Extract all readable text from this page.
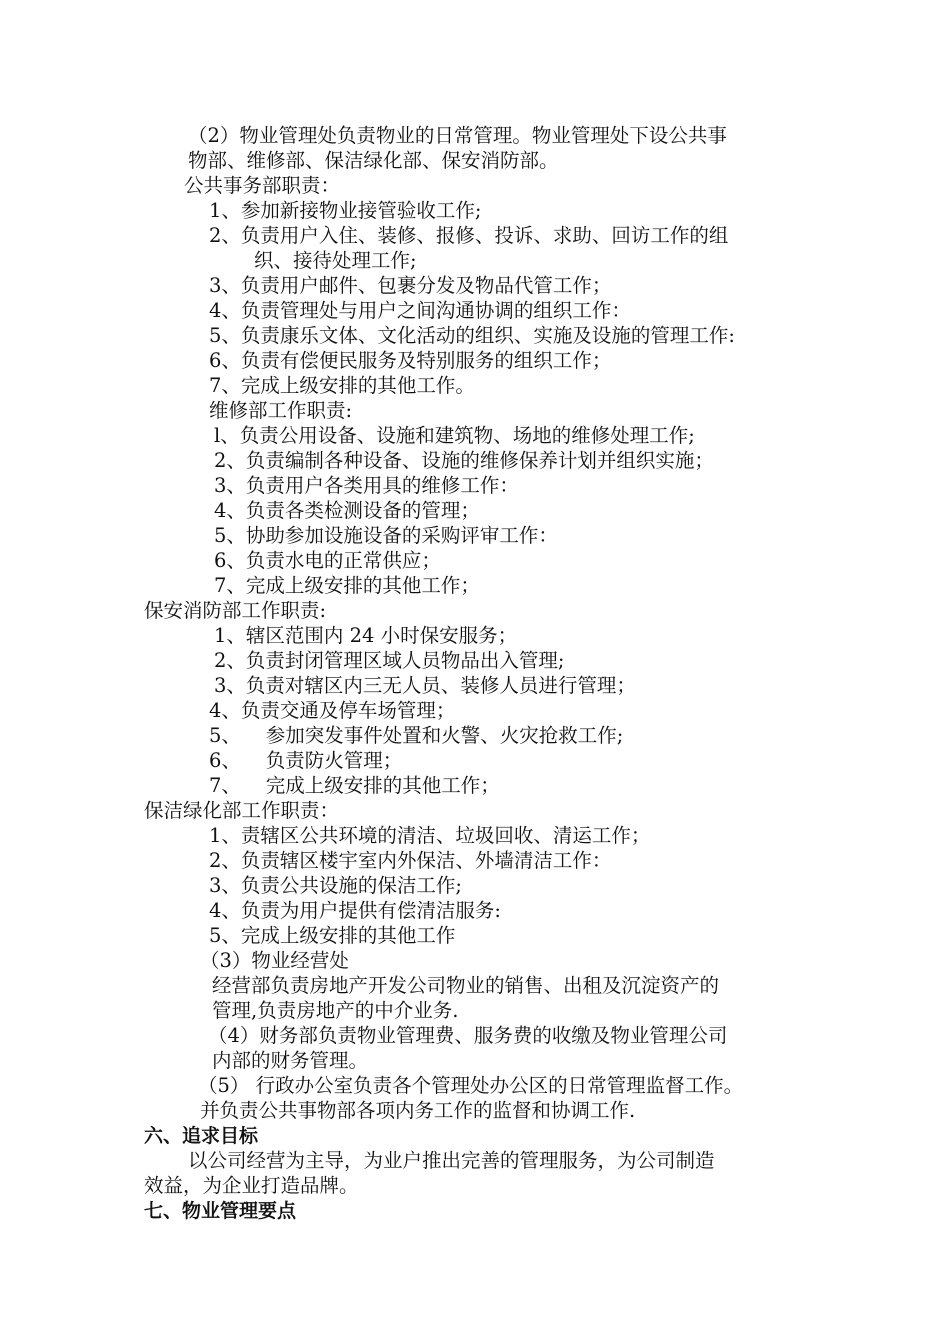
（2）物业管理处负责物业的日常管理。物业管理处下设公共事
物部、维修部、保洁绿化部、保安消防部。
公共事务部职责：
1、参加新接物业接管验收工作;
2、负责用户入住、装修、报修、投诉、求助、回访工作的组
织、接待处理工作;
3、负责用户邮件、包裹分发及物品代管工作；
4、负责管理处与用户之间沟通协调的组织工作：
5、负责康乐文体、文化活动的组织、实施及设施的管理工作:
6、负责有偿便民服务及特别服务的组织工作；
7、完成上级安排的其他工作。
维修部工作职责:
l、负责公用设备、设施和建筑物、场地的维修处理工作;
2、负责编制各种设备、设施的维修保养计划并组织实施；
3、负责用户各类用具的维修工作：
4、负责各类检测设备的管理；
5、协助参加设施设备的采购评审工作：
6、负责水电的正常供应；
7、完成上级安排的其他工作；
保安消防部工作职责:
1、辖区范围内 24 小时保安服务；
2、负责封闭管理区域人员物品出入管理;
3、负责对辖区内三无人员、装修人员进行管理；
4、负责交通及停车场管理；
5、    参加突发事件处置和火警、火灾抢救工作;
6、    负责防火管理；
7、    完成上级安排的其他工作；
保洁绿化部工作职责：
1、责辖区公共环境的清洁、垃圾回收、清运工作；
2、负责辖区楼宇室内外保洁、外墙清洁工作：
3、负责公共设施的保洁工作;
4、负责为用户提供有偿清洁服务:
5、完成上级安排的其他工作
（3）物业经营处
经营部负责房地产开发公司物业的销售、出租及沉淀资产的
管理,负责房地产的中介业务.
（4）财务部负责物业管理费、服务费的收缴及物业管理公司
内部的财务管理。
（5） 行政办公室负责各个管理处办公区的日常管理监督工作。
并负责公共事物部各项内务工作的监督和协调工作.
六、追求目标
以公司经营为主导，为业户推出完善的管理服务，为公司制造
效益，为企业打造品牌。
七、物业管理要点
